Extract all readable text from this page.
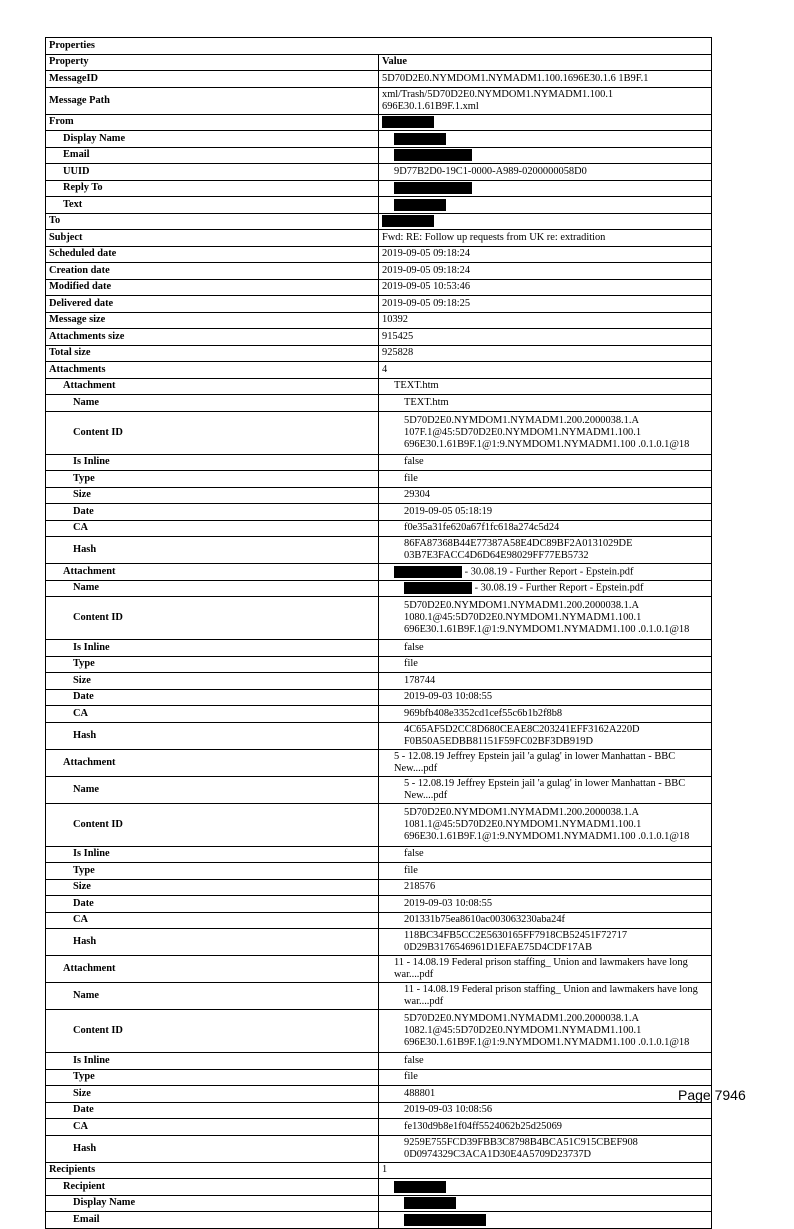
Properties	
Property	Value
MessageID	5D70D2E0.NYMDOM1.NYMADM1.100.1696E30.1.6 1B9F.1
Message Path	xml/Trash/5D70D2E0.NYMDOM1.NYMADM1.100.1 696E30.1.61B9F.1.xml
From	
Display Name	
Email	
UUID	9D77B2D0-19C1-0000-A989-0200000058D0
Reply To	
Text	
To	
Subject	Fwd: RE: Follow up requests from UK re: extradition
Scheduled date	2019-09-05 09:18:24
Creation date	2019-09-05 09:18:24
Modified date	2019-09-05 10:53:46
Delivered date	2019-09-05 09:18:25
Message size	10392
Attachments size	915425
Total size	925828
Attachments	4
Attachment	TEXT.htm
Name	TEXT.htm
Content ID	5D70D2E0.NYMDOM1.NYMADM1.200.2000038.1.A
107F.1@45:5D70D2E0.NYMDOM1.NYMADM1.100.1
696E30.1.61B9F.1@1:9.NYMDOM1.NYMADM1.100 .0.1.0.1@18
Is Inline	false
Type	file
Size	29304
Date	2019-09-05 05:18:19
CA	f0e35a31fe620a67f1fc618a274c5d24
Hash	86FA87368B44E77387A58E4DC89BF2A0131029DE 03B7E3FACC4D6D64E98029FF77EB5732
Attachment	- 30.08.19 - Further Report - Epstein.pdf
Name	- 30.08.19 - Further Report - Epstein.pdf
Content ID	5D70D2E0.NYMDOM1.NYMADM1.200.2000038.1.A
1080.1@45:5D70D2E0.NYMDOM1.NYMADM1.100.1
696E30.1.61B9F.1@1:9.NYMDOM1.NYMADM1.100 .0.1.0.1@18
Is Inline	false
Type	file
Size	178744
Date	2019-09-03 10:08:55
CA	969bfb408e3352cd1cef55c6b1b2f8b8
Hash	4C65AF5D2CC8D680CEAE8C203241EFF3162A220D F0B50A5EDBB81151F59FC02BF3DB919D
Attachment	5 - 12.08.19 Jeffrey Epstein jail 'a gulag' in lower Manhattan - BBC New....pdf
Name	5 - 12.08.19 Jeffrey Epstein jail 'a gulag' in lower Manhattan - BBC New....pdf
Content ID	5D70D2E0.NYMDOM1.NYMADM1.200.2000038.1.A
1081.1@45:5D70D2E0.NYMDOM1.NYMADM1.100.1
696E30.1.61B9F.1@1:9.NYMDOM1.NYMADM1.100 .0.1.0.1@18
Is Inline	false
Type	file
Size	218576
Date	2019-09-03 10:08:55
CA	201331b75ea8610ac003063230aba24f
Hash	118BC34FB5CC2E5630165FF7918CB52451F72717 0D29B3176546961D1EFAE75D4CDF17AB
Attachment	11 - 14.08.19 Federal prison staffing_ Union and lawmakers have long war....pdf
Name	11 - 14.08.19 Federal prison staffing_ Union and lawmakers have long war....pdf
Content ID	5D70D2E0.NYMDOM1.NYMADM1.200.2000038.1.A
1082.1@45:5D70D2E0.NYMDOM1.NYMADM1.100.1
696E30.1.61B9F.1@1:9.NYMDOM1.NYMADM1.100 .0.1.0.1@18
Is Inline	false
Type	file
Size	488801
Date	2019-09-03 10:08:56
CA	fe130d9b8e1f04ff5524062b25d25069
Hash	9259E755FCD39FBB3C8798B4BCA51C915CBEF908 0D0974329C3ACA1D30E4A5709D23737D
Recipients	1
Recipient	
Display Name	
Email	
Page 7946
